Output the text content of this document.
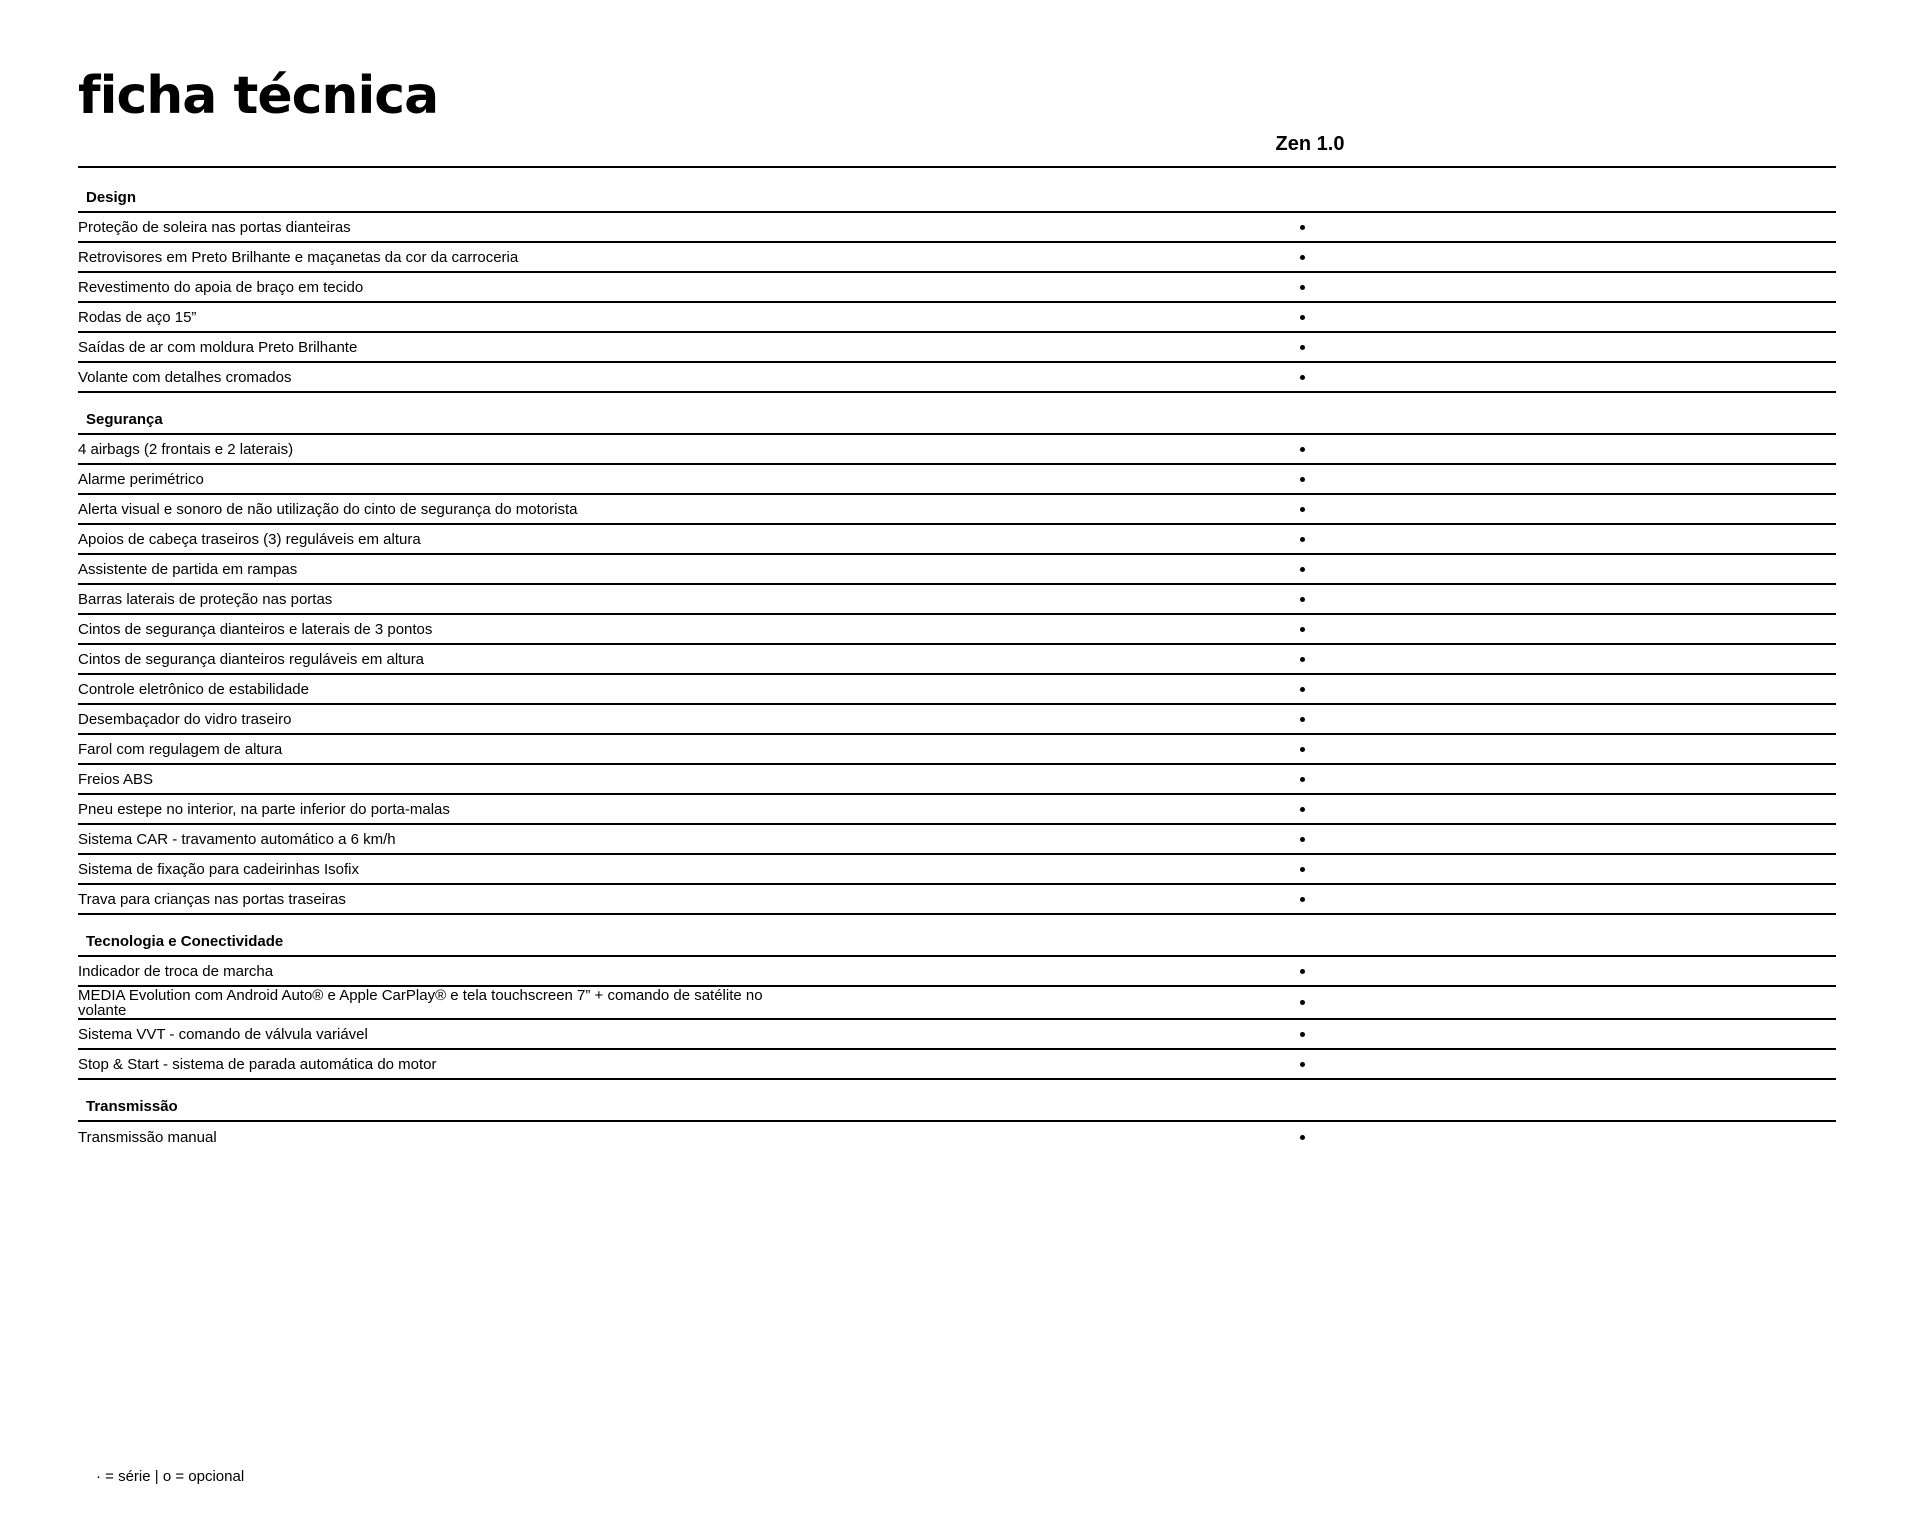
ficha técnica
Zen 1.0
Design
Proteção de soleira nas portas dianteiras
Retrovisores em Preto Brilhante e maçanetas da cor da carroceria
Revestimento do apoia de braço em tecido
Rodas de aço 15”
Saídas de ar com moldura Preto Brilhante
Volante com detalhes cromados
Segurança
4 airbags (2 frontais e 2 laterais)
Alarme perimétrico
Alerta visual e sonoro de não utilização do cinto de segurança do motorista
Apoios de cabeça traseiros (3) reguláveis em altura
Assistente de partida em rampas
Barras laterais de proteção nas portas
Cintos de segurança dianteiros e laterais de 3 pontos
Cintos de segurança dianteiros reguláveis em altura
Controle eletrônico de estabilidade
Desembaçador do vidro traseiro
Farol com regulagem de altura
Freios ABS
Pneu estepe no interior, na parte inferior do porta-malas
Sistema CAR - travamento automático a 6 km/h
Sistema de fixação para cadeirinhas Isofix
Trava para crianças nas portas traseiras
Tecnologia e Conectividade
Indicador de troca de marcha
MEDIA Evolution com Android Auto® e Apple CarPlay® e tela touchscreen 7” + comando de satélite no volante
Sistema VVT - comando de válvula variável
Stop & Start - sistema de parada automática do motor
Transmissão
Transmissão manual
· = série | o = opcional
